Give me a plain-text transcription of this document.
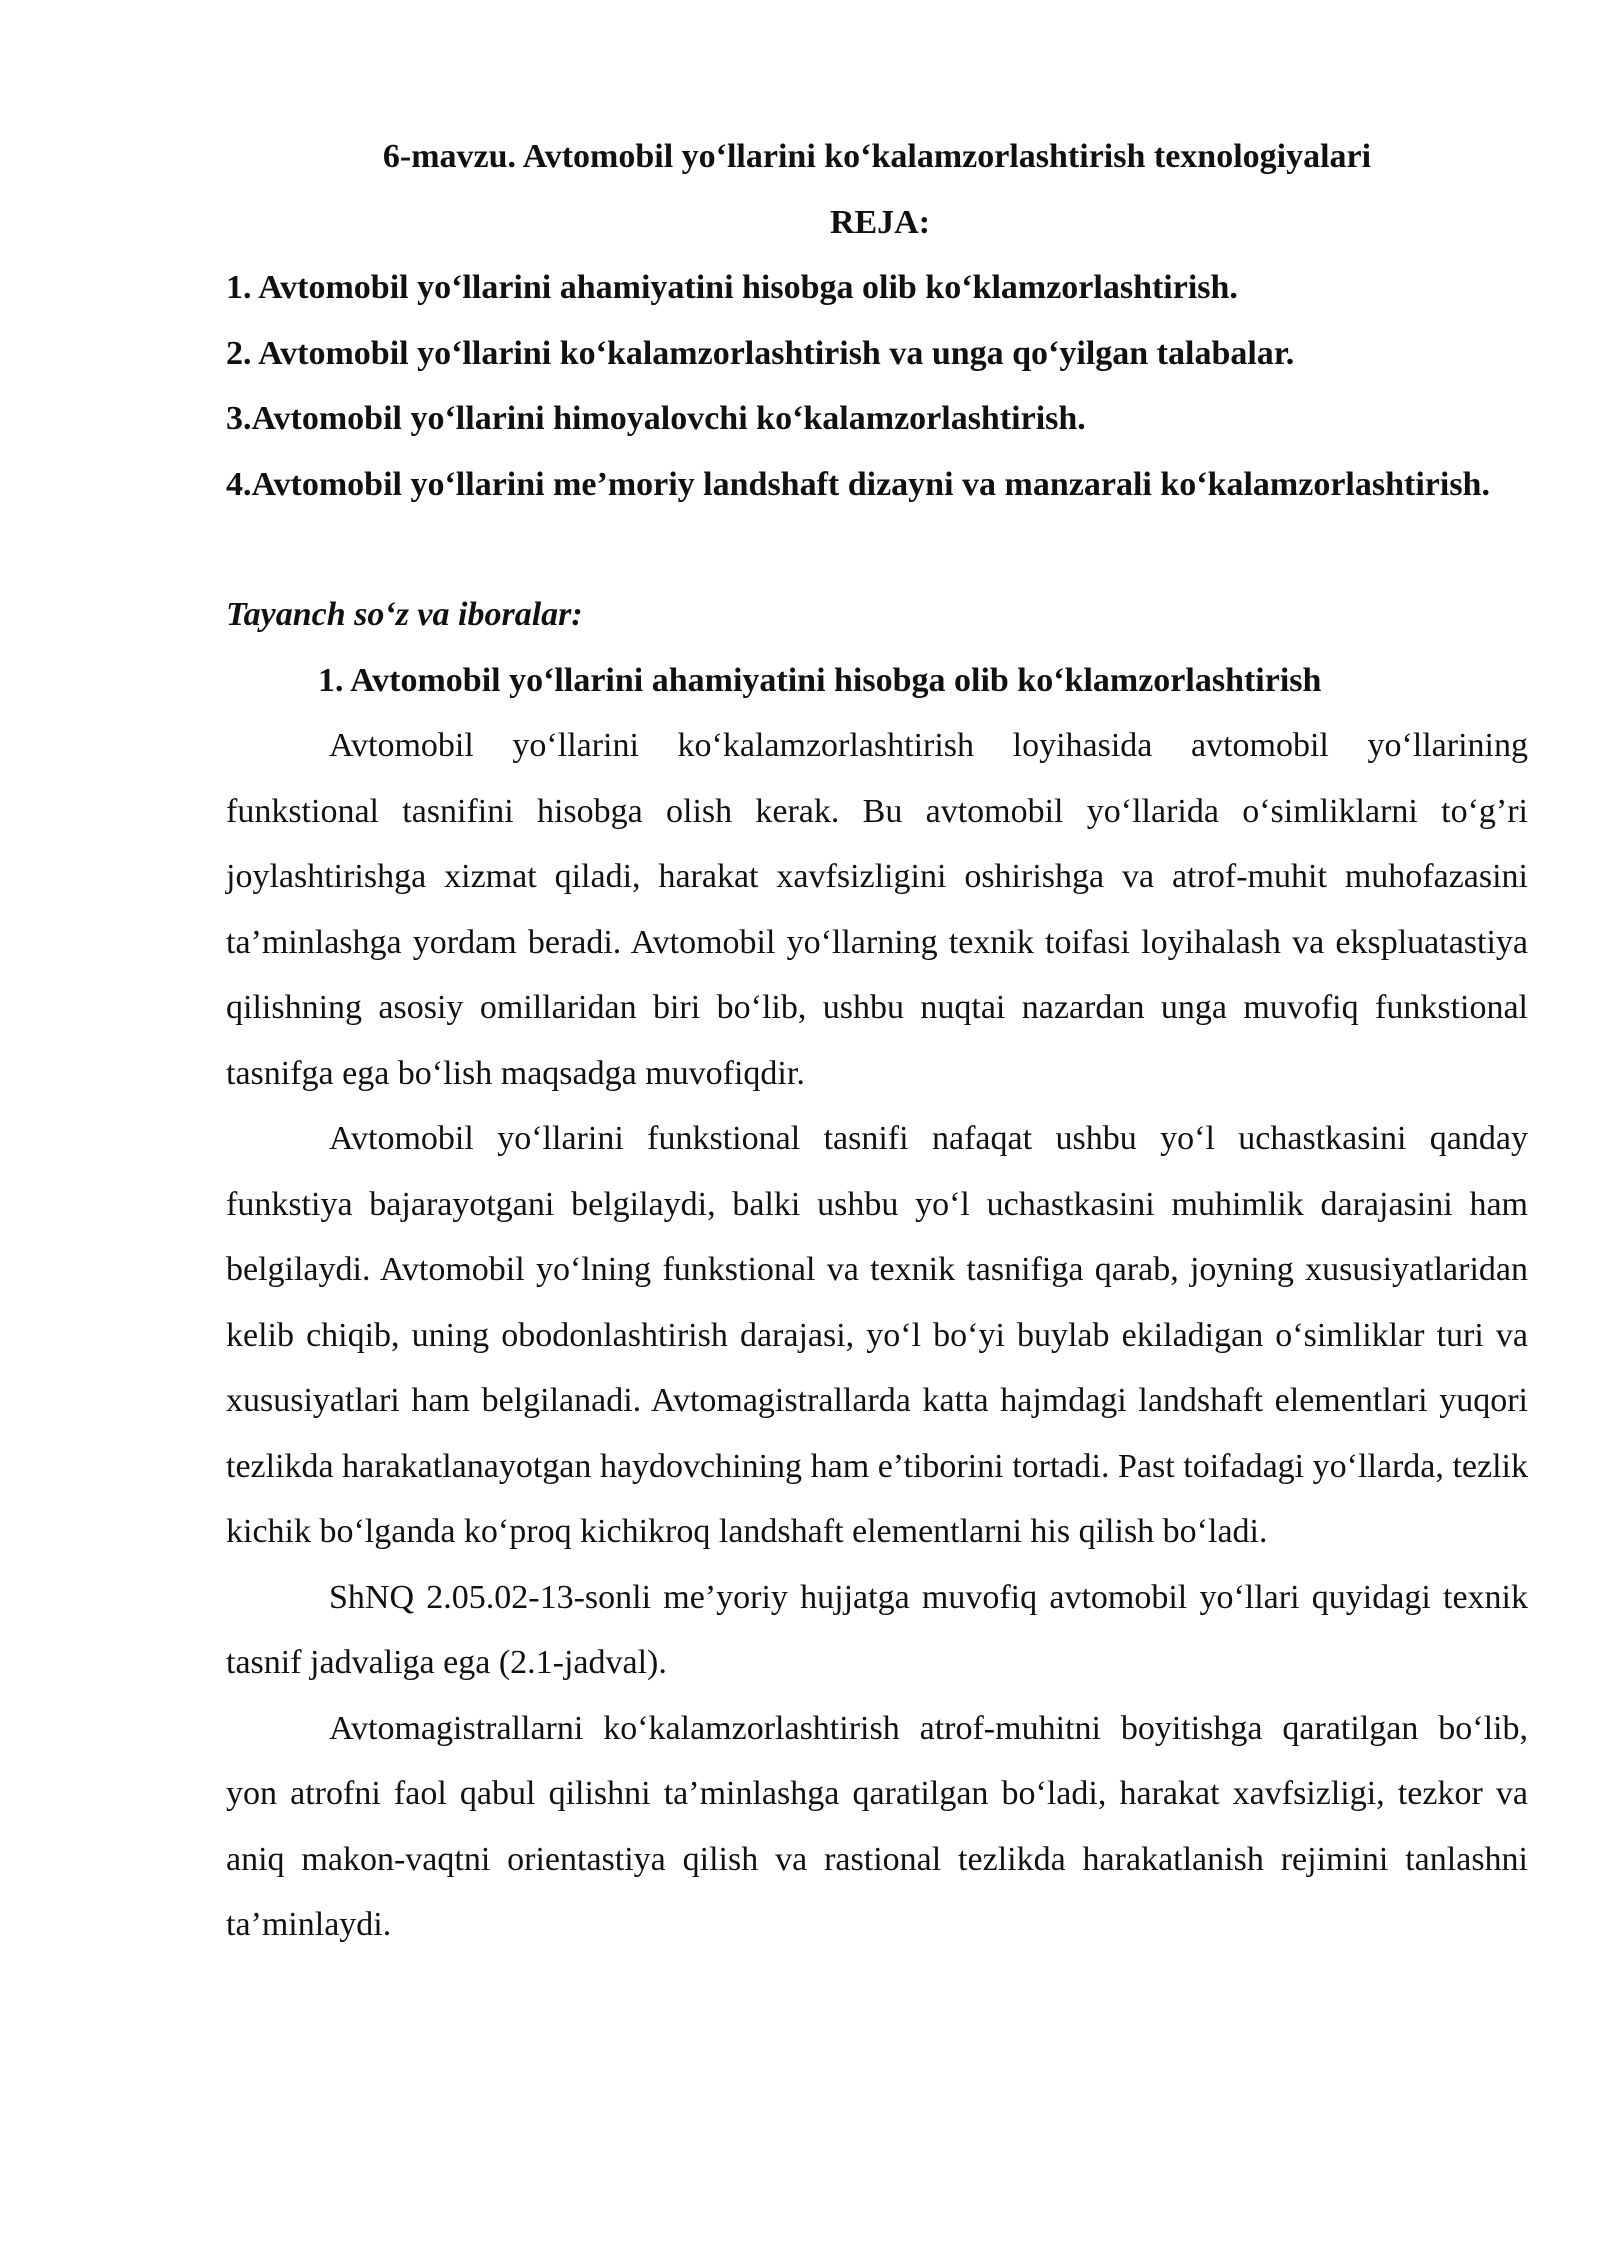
6-mavzu. Avtomobil yo‘llarini ko‘kalamzorlashtirish texnologiyalari
REJA:
1. Avtomobil yo‘llarini ahamiyatini hisobga olib ko‘klamzorlashtirish.
2. Avtomobil yo‘llarini ko‘kalamzorlashtirish va unga qo‘yilgan talabalar.
3.Avtomobil yo‘llarini himoyalovchi ko‘kalamzorlashtirish.
4.Avtomobil yo‘llarini me’moriy landshaft dizayni va manzarali ko‘kalamzorlashtirish.
Tayanch so‘z va iboralar:
1. Avtomobil yo‘llarini ahamiyatini hisobga olib ko‘klamzorlashtirish
Avtomobil yo‘llarini ko‘kalamzorlashtirish loyihasida avtomobil yo‘llarining funkstional tasnifini hisobga olish kerak. Bu avtomobil yo‘llarida o‘simliklarni to‘g’ri joylashtirishga xizmat qiladi, harakat xavfsizligini oshirishga va atrof-muhit muhofazasini ta’minlashga yordam beradi. Avtomobil yo‘llarning texnik toifasi loyihalash va ekspluatastiya qilishning asosiy omillaridan biri bo‘lib, ushbu nuqtai nazardan unga muvofiq funkstional tasnifga ega bo‘lish maqsadga muvofiqdir.
Avtomobil yo‘llarini funkstional tasnifi nafaqat ushbu yo‘l uchastkasini qanday funkstiya bajarayotgani belgilaydi, balki ushbu yo‘l uchastkasini muhimlik darajasini ham belgilaydi. Avtomobil yo‘lning funkstional va texnik tasnifiga qarab, joyning xususiyatlaridan kelib chiqib, uning obodonlashtirish darajasi, yo‘l bo‘yi buylab ekiladigan o‘simliklar turi va xususiyatlari ham belgilanadi. Avtomagistrallarda katta hajmdagi landshaft elementlari yuqori tezlikda harakatlanayotgan haydovchining ham e’tiborini tortadi. Past toifadagi yo‘llarda, tezlik kichik bo‘lganda ko‘proq kichikroq landshaft elementlarni his qilish bo‘ladi.
ShNQ 2.05.02-13-sonli me’yoriy hujjatga muvofiq avtomobil yo‘llari quyidagi texnik tasnif jadvaliga ega (2.1-jadval).
Avtomagistrallarni ko‘kalamzorlashtirish atrof-muhitni boyitishga qaratilgan bo‘lib, yon atrofni faol qabul qilishni ta’minlashga qaratilgan bo‘ladi, harakat xavfsizligi, tezkor va aniq makon-vaqtni orientastiya qilish va rastional tezlikda harakatlanish rejimini tanlashni ta’minlaydi.
